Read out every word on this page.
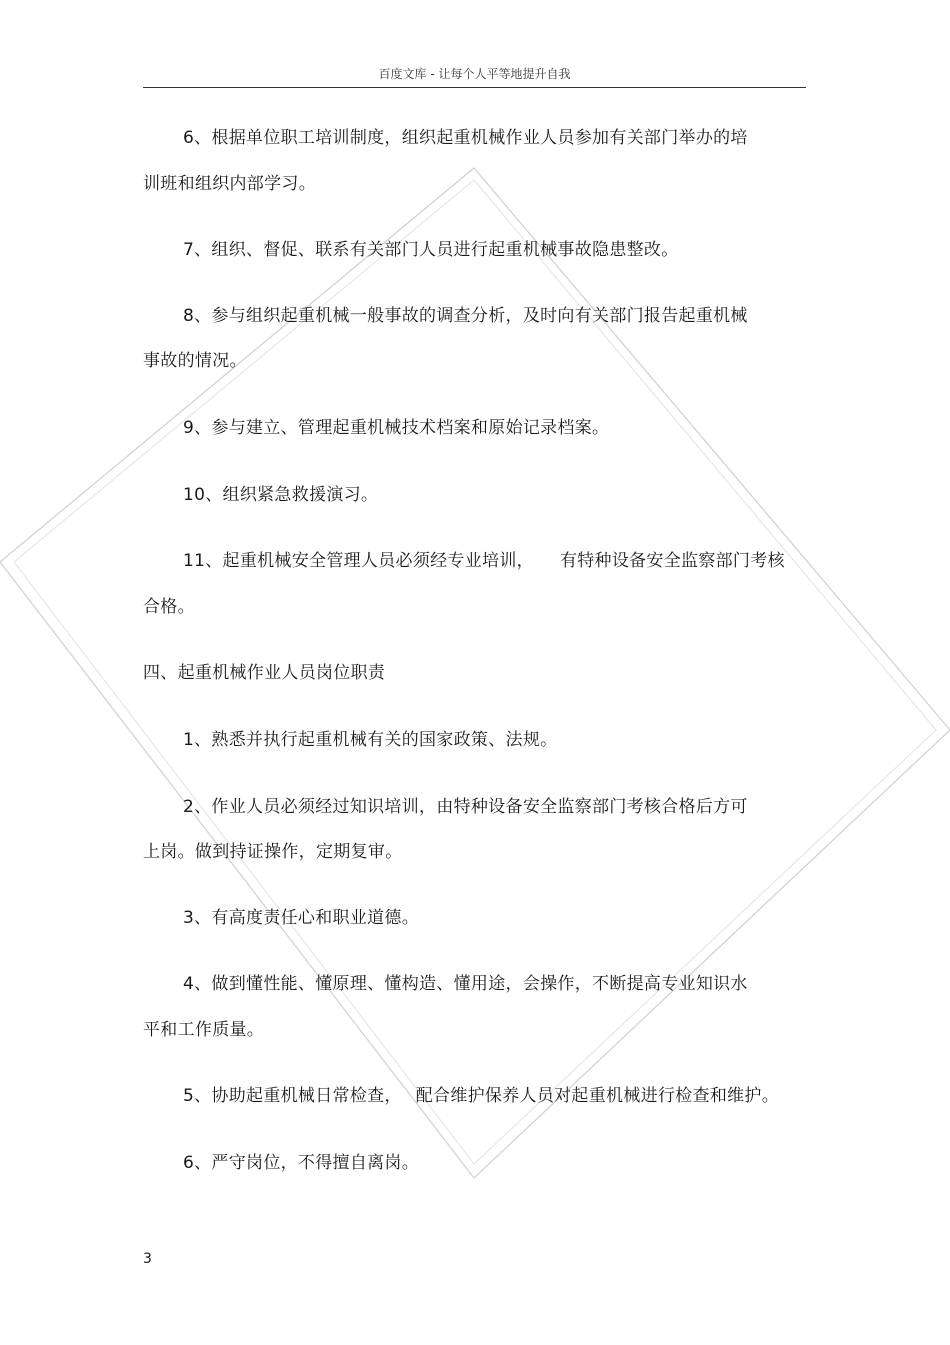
百度文库 - 让每个人平等地提升自我
6、根据单位职工培训制度，组织起重机械作业人员参加有关部门举办的培
训班和组织内部学习。
7、组织、督促、联系有关部门人员进行起重机械事故隐患整改。
8、参与组织起重机械一般事故的调查分析，及时向有关部门报告起重机械
事故的情况。
9、参与建立、管理起重机械技术档案和原始记录档案。
10、组织紧急救援演习。
11、起重机械安全管理人员必须经专业培训， 有特种设备安全监察部门考核
合格。
四、起重机械作业人员岗位职责
1、熟悉并执行起重机械有关的国家政策、法规。
2、作业人员必须经过知识培训，由特种设备安全监察部门考核合格后方可
上岗。做到持证操作，定期复审。
3、有高度责任心和职业道德。
4、做到懂性能、懂原理、懂构造、懂用途，会操作，不断提高专业知识水
平和工作质量。
5、协助起重机械日常检查， 配合维护保养人员对起重机械进行检查和维护。
6、严守岗位，不得擅自离岗。
3
